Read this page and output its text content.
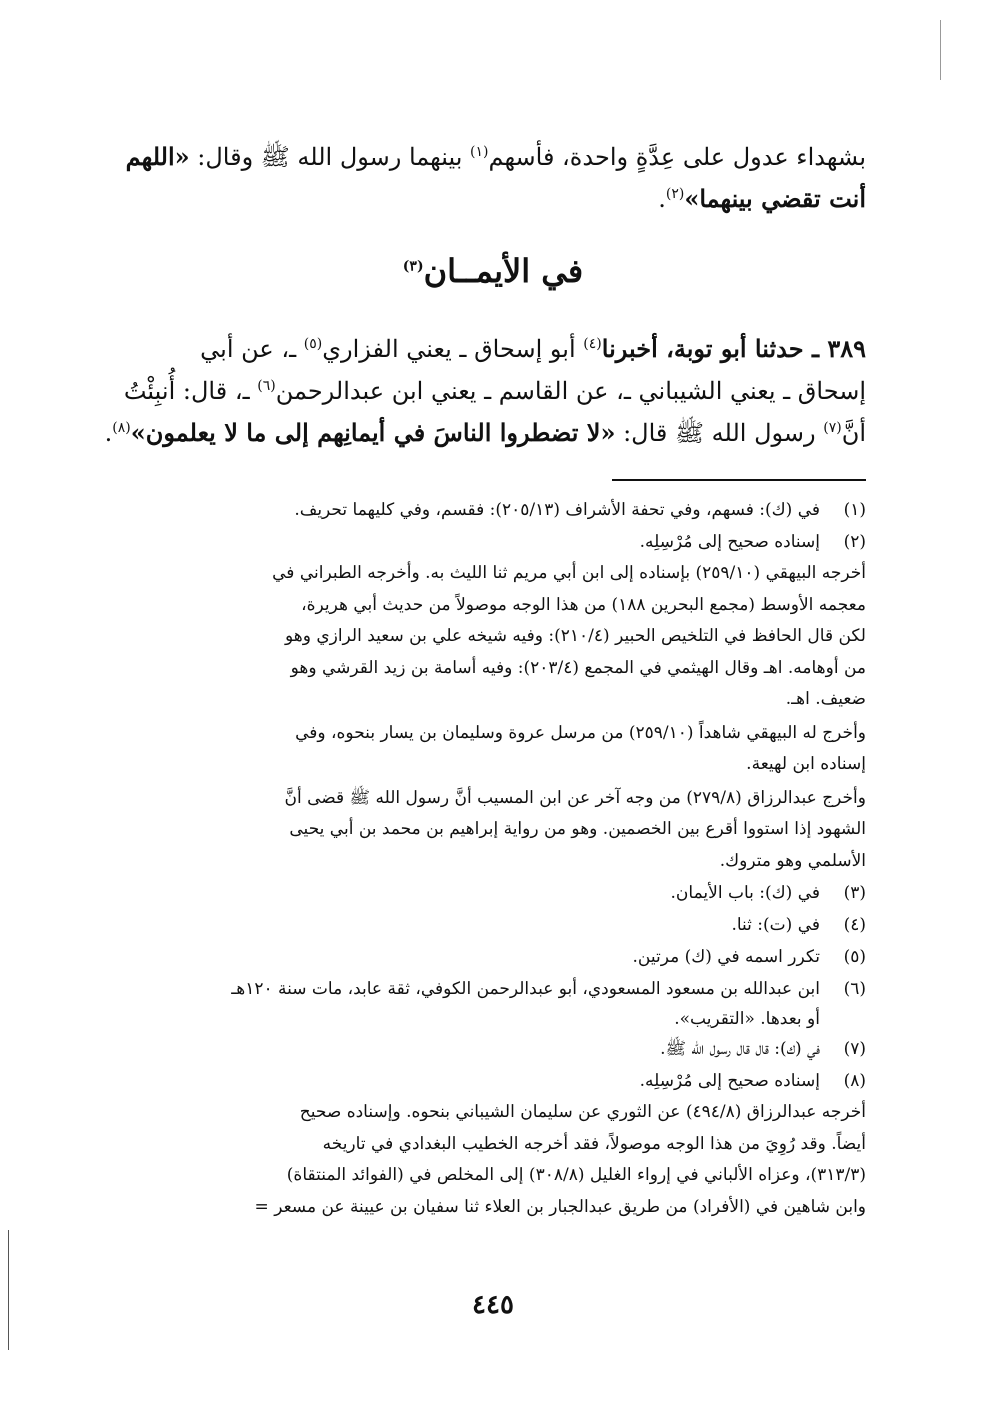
بشهداء عدول على عِدَّةٍ واحدة، فأسهم$^{(١)}$ بينهما رسول الله ﷺ وقال: «اللهم
أنت تقضي بينهما»$^{(٢)}$.
في الأيمــان$^{(٣)}$
٣٨٩ ـ حدثنا أبو توبة، أخبرنا$^{(٤)}$ أبو إسحاق ـ يعني الفزاري$^{(٥)}$ ـ، عن أبي
إسحاق ـ يعني الشيباني ـ، عن القاسم ـ يعني ابن عبدالرحمن$^{(٦)}$ ـ، قال: أُنبِئْتُ
أنَّ$^{(٧)}$ رسول الله ﷺ قال: «لا تضطروا الناسَ في أيمانِهم إلى ما لا يعلمون»$^{(٨)}$.
(١)
في (ك): فسهم، وفي تحفة الأشراف (٢٠٥/١٣): فقسم، وفي كليهما تحريف.
(٢)
إسناده صحيح إلى مُرْسِلِه.
أخرجه البيهقي (٢٥٩/١٠) بإسناده إلى ابن أبي مريم ثنا الليث به. وأخرجه الطبراني في
معجمه الأوسط (مجمع البحرين ١٨٨) من هذا الوجه موصولاً من حديث أبي هريرة،
لكن قال الحافظ في التلخيص الحبير (٢١٠/٤): وفيه شيخه علي بن سعيد الرازي وهو
من أوهامه. اهـ وقال الهيثمي في المجمع (٢٠٣/٤): وفيه أسامة بن زيد القرشي وهو
ضعيف. اهـ.
وأخرج له البيهقي شاهداً (٢٥٩/١٠) من مرسل عروة وسليمان بن يسار بنحوه، وفي
إسناده ابن لهيعة.
وأخرج عبدالرزاق (٢٧٩/٨) من وجه آخر عن ابن المسيب أنَّ رسول الله ﷺ قضى أنَّ
الشهود إذا استووا أقرع بين الخصمين. وهو من رواية إبراهيم بن محمد بن أبي يحيى
الأسلمي وهو متروك.
(٣)
في (ك): باب الأيمان.
(٤)
في (ت): ثنا.
(٥)
تكرر اسمه في (ك) مرتين.
(٦)
ابن عبدالله بن مسعود المسعودي، أبو عبدالرحمن الكوفي، ثقة عابد، مات سنة ١٢٠هـ
أو بعدها. «التقريب».
(٧)
في (ك): قال قال رسول الله ﷺ.
(٨)
إسناده صحيح إلى مُرْسِلِه.
أخرجه عبدالرزاق (٤٩٤/٨) عن الثوري عن سليمان الشيباني بنحوه. وإسناده صحيح
أيضاً. وقد رُوِيَ من هذا الوجه موصولاً، فقد أخرجه الخطيب البغدادي في تاريخه
(٣١٣/٣)، وعزاه الألباني في إرواء الغليل (٣٠٨/٨) إلى المخلص في (الفوائد المنتقاة)
وابن شاهين في (الأفراد) من طريق عبدالجبار بن العلاء ثنا سفيان بن عيينة عن مسعر =
٤٤٥
